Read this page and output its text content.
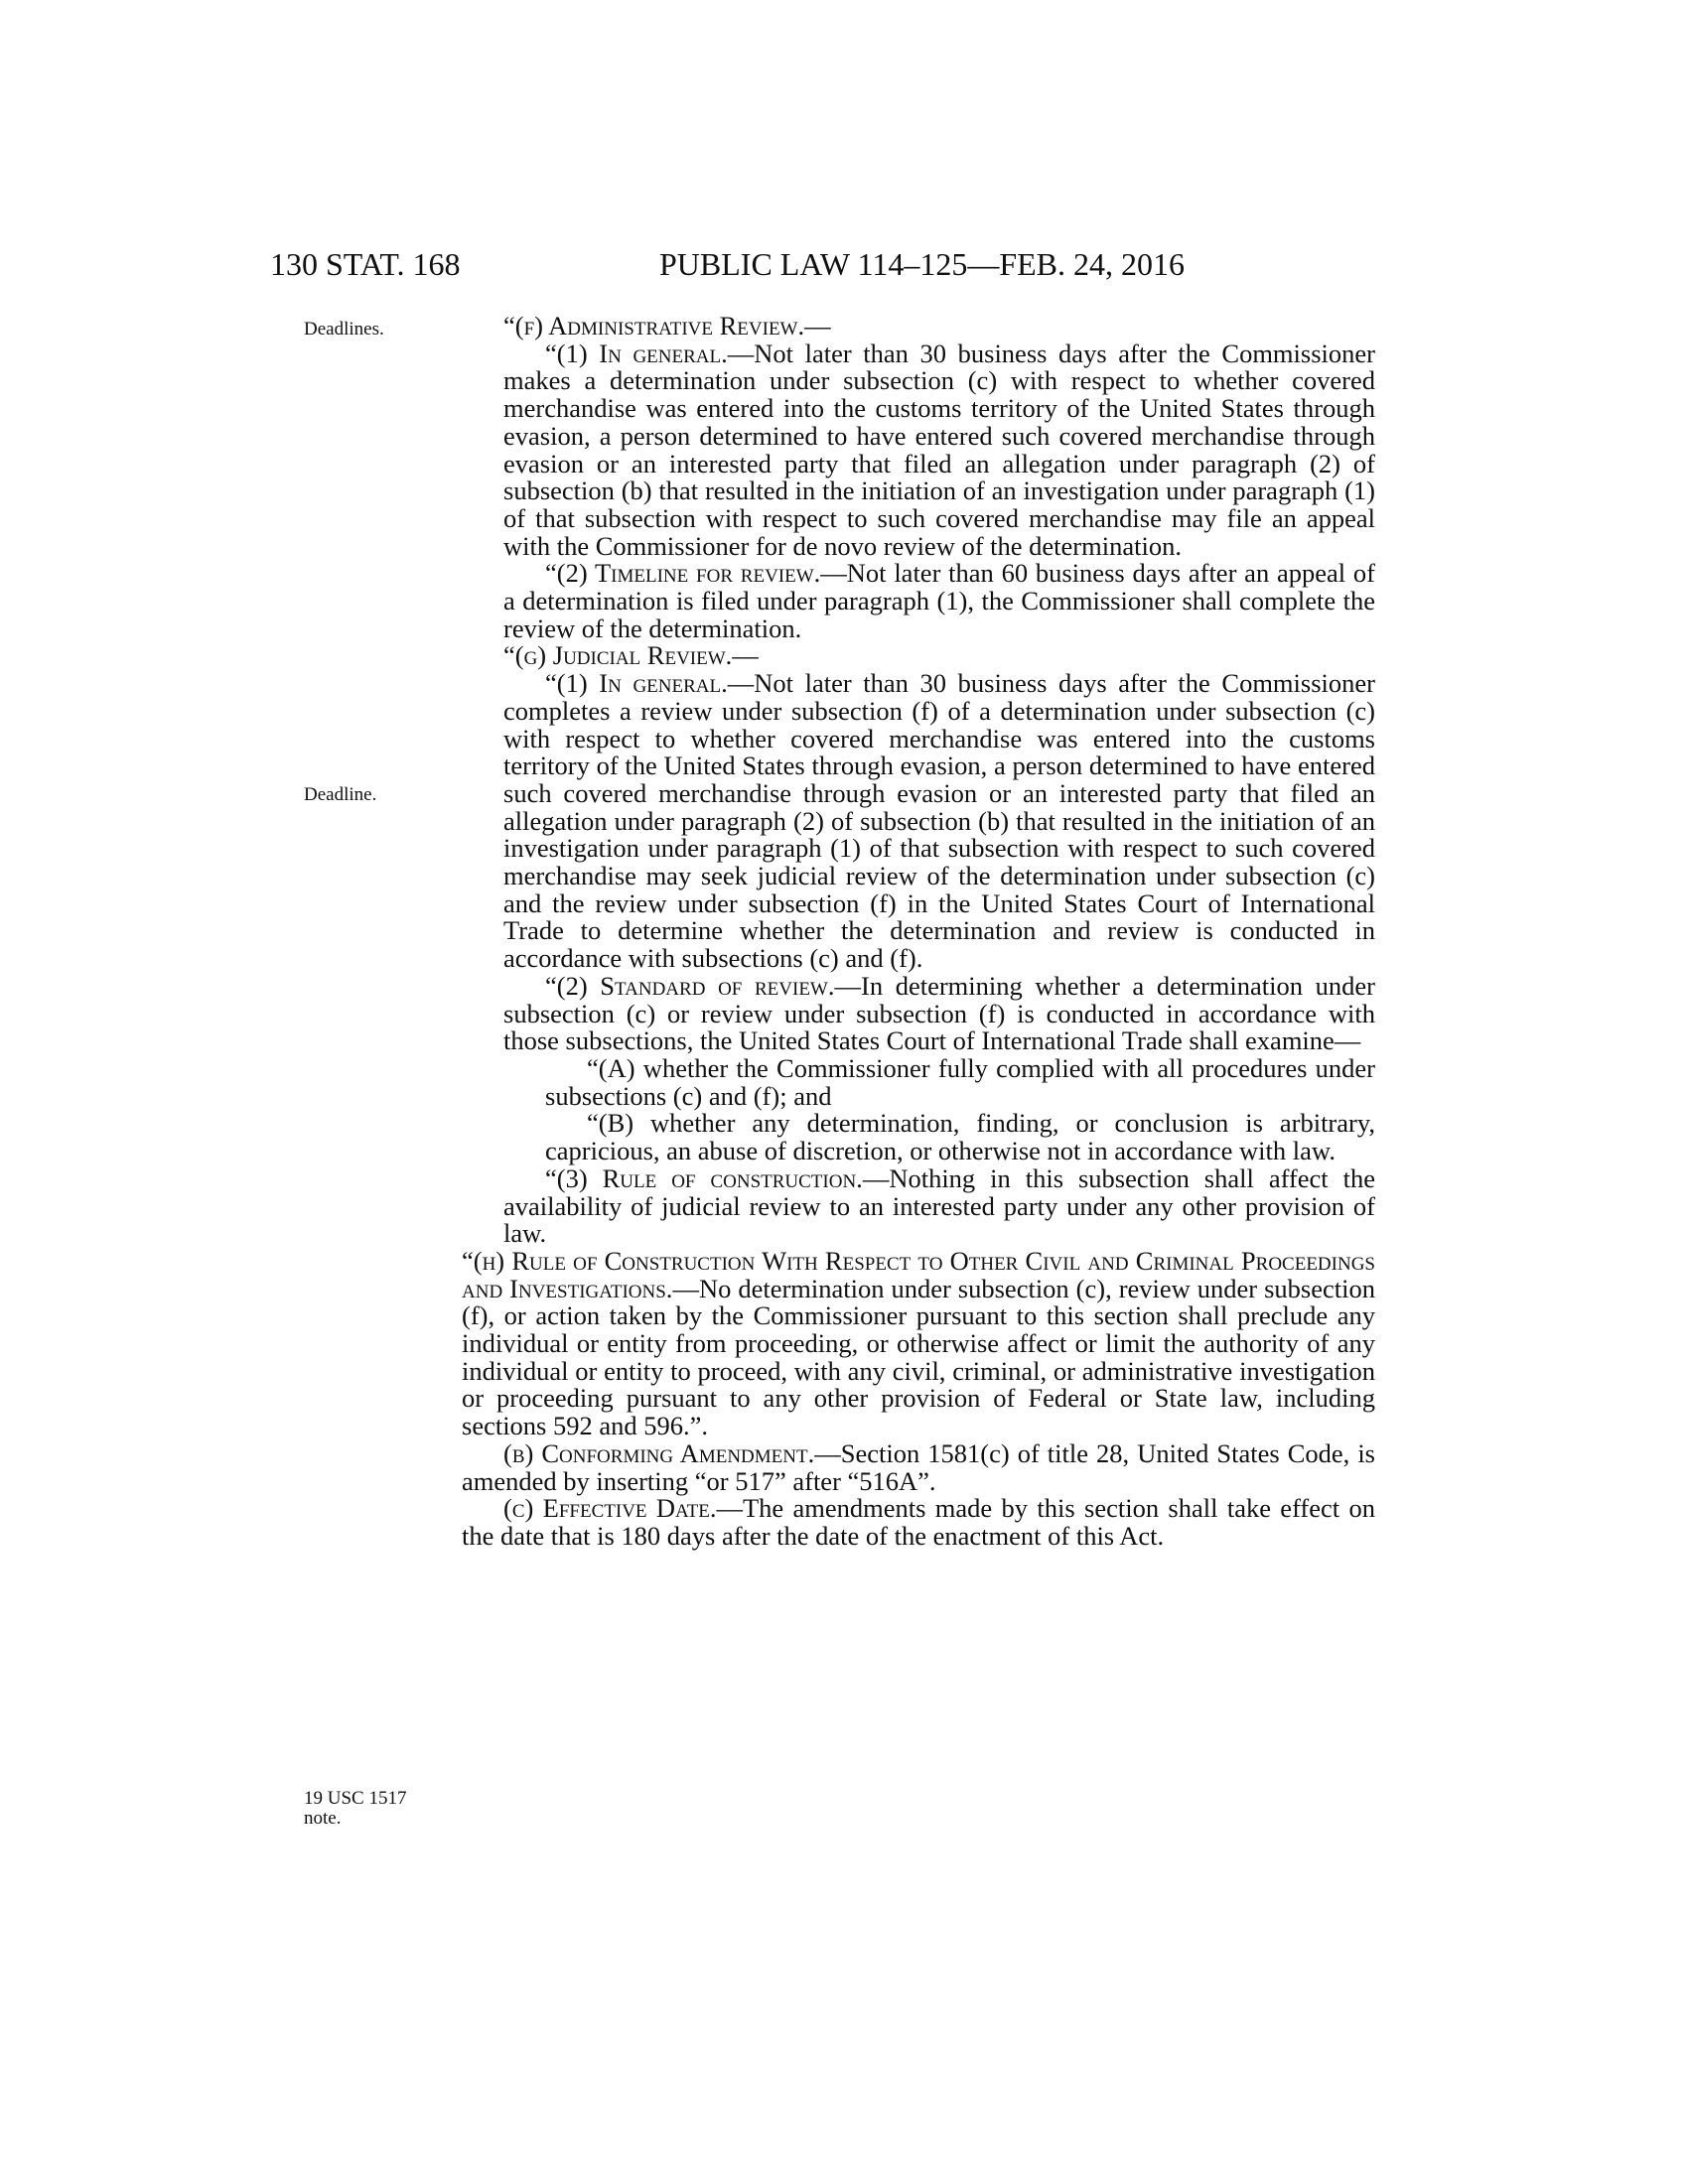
130 STAT. 168	PUBLIC LAW 114–125—FEB. 24, 2016
Deadlines.
Deadline.
19 USC 1517
note.

“(f) Administrative Review.—

“(1) In general.—Not later than 30 business days after the Commissioner makes a determination under subsection (c) with respect to whether covered merchandise was entered into the customs territory of the United States through evasion, a person determined to have entered such covered merchandise through evasion or an interested party that filed an allegation under paragraph (2) of subsection (b) that resulted in the initiation of an investigation under paragraph (1) of that subsection with respect to such covered merchandise may file an appeal with the Commissioner for de novo review of the determination.

“(2) Timeline for review.—Not later than 60 business days after an appeal of a determination is filed under paragraph (1), the Commissioner shall complete the review of the determination.

“(g) Judicial Review.—

“(1) In general.—Not later than 30 business days after the Commissioner completes a review under subsection (f) of a determination under subsection (c) with respect to whether covered merchandise was entered into the customs territory of the United States through evasion, a person determined to have entered such covered merchandise through evasion or an interested party that filed an allegation under paragraph (2) of subsection (b) that resulted in the initiation of an investigation under paragraph (1) of that subsection with respect to such covered merchandise may seek judicial review of the determination under subsection (c) and the review under subsection (f) in the United States Court of International Trade to determine whether the determination and review is conducted in accordance with subsections (c) and (f).

“(2) Standard of review.—In determining whether a determination under subsection (c) or review under subsection (f) is conducted in accordance with those subsections, the United States Court of International Trade shall examine—

“(A) whether the Commissioner fully complied with all procedures under subsections (c) and (f); and

“(B) whether any determination, finding, or conclusion is arbitrary, capricious, an abuse of discretion, or otherwise not in accordance with law.

“(3) Rule of construction.—Nothing in this subsection shall affect the availability of judicial review to an interested party under any other provision of law.

“(h) Rule of Construction With Respect to Other Civil and Criminal Proceedings and Investigations.—No determination under subsection (c), review under subsection (f), or action taken by the Commissioner pursuant to this section shall preclude any individual or entity from proceeding, or otherwise affect or limit the authority of any individual or entity to proceed, with any civil, criminal, or administrative investigation or proceeding pursuant to any other provision of Federal or State law, including sections 592 and 596.”.

(b) Conforming Amendment.—Section 1581(c) of title 28, United States Code, is amended by inserting “or 517” after “516A”.

(c) Effective Date.—The amendments made by this section shall take effect on the date that is 180 days after the date of the enactment of this Act.
